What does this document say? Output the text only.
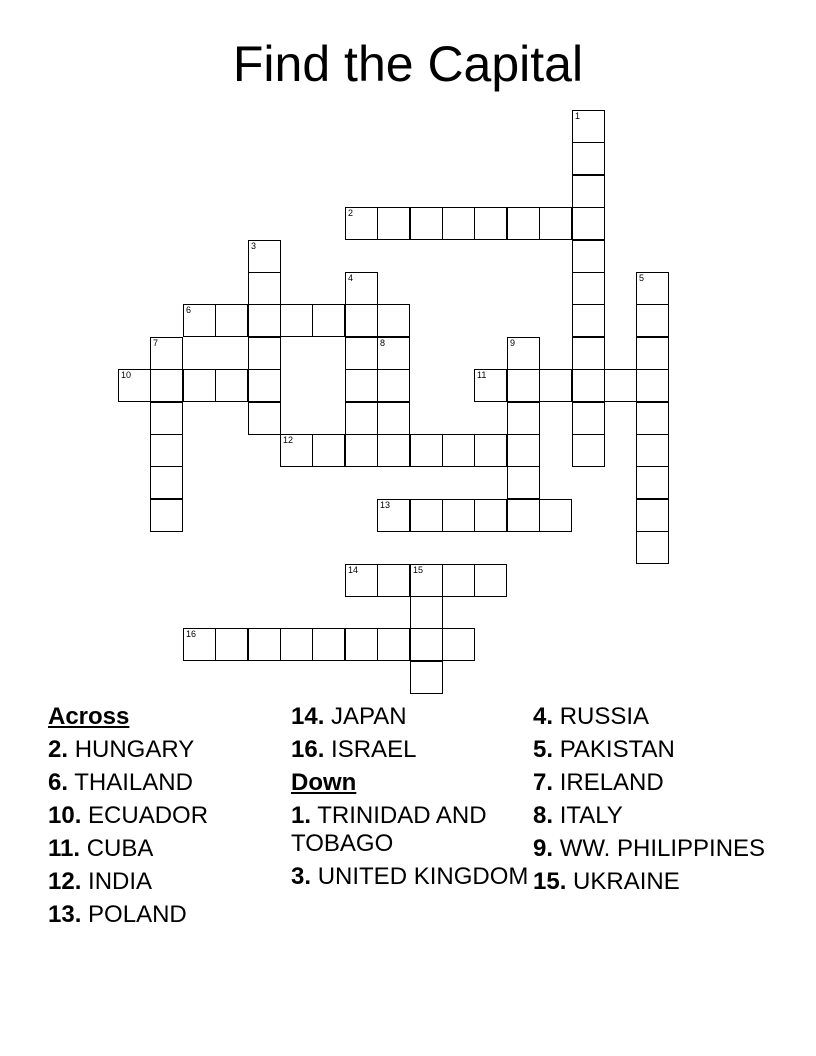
Find the Capital
1
2
3
4	5
6
7	8	9
10	11
12
13
14	15
16
Across
2. HUNGARY
6. THAILAND
10. ECUADOR
11. CUBA
12. INDIA
13. POLAND
14. JAPAN
16. ISRAEL
Down
1. TRINIDAD AND TOBAGO
3. UNITED KINGDOM
4. RUSSIA
5. PAKISTAN
7. IRELAND
8. ITALY
9. WW. PHILIPPINES
15. UKRAINE
